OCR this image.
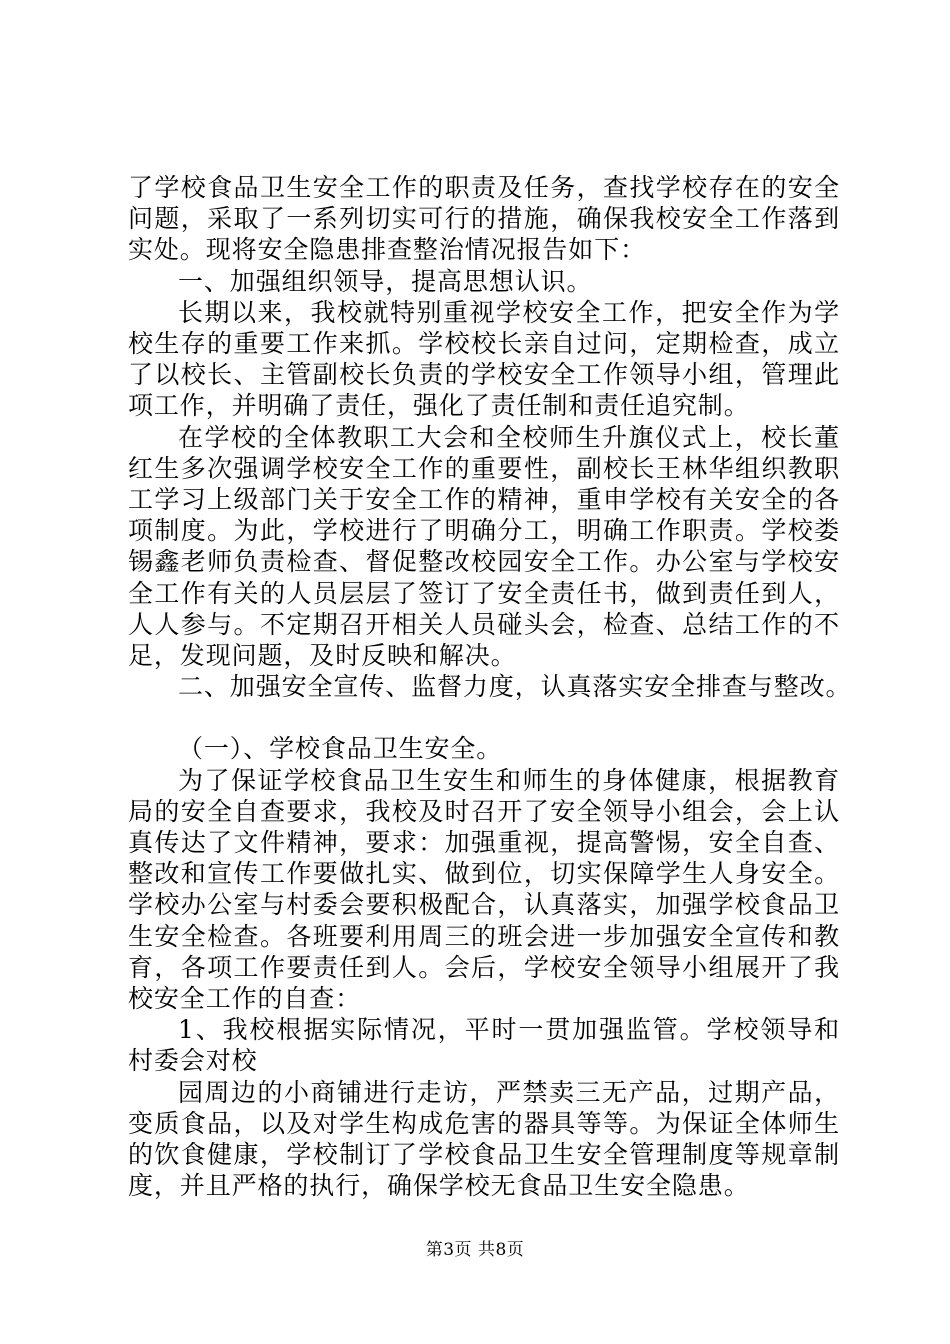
了学校食品卫生安全工作的职责及任务，查找学校存在的安全问题，采取了一系列切实可行的措施，确保我校安全工作落到实处。现将安全隐患排查整治情况报告如下：

一、加强组织领导，提高思想认识。

长期以来，我校就特别重视学校安全工作，把安全作为学校生存的重要工作来抓。学校校长亲自过问，定期检查，成立了以校长、主管副校长负责的学校安全工作领导小组，管理此项工作，并明确了责任，强化了责任制和责任追究制。

在学校的全体教职工大会和全校师生升旗仪式上，校长董红生多次强调学校安全工作的重要性，副校长王林华组织教职工学习上级部门关于安全工作的精神，重申学校有关安全的各项制度。为此，学校进行了明确分工，明确工作职责。学校娄锡鑫老师负责检查、督促整改校园安全工作。办公室与学校安全工作有关的人员层层了签订了安全责任书，做到责任到人，人人参与。不定期召开相关人员碰头会，检查、总结工作的不足，发现问题，及时反映和解决。

二、加强安全宣传、监督力度，认真落实安全排查与整改。

（一）、学校食品卫生安全。

为了保证学校食品卫生安生和师生的身体健康，根据教育局的安全自查要求，我校及时召开了安全领导小组会，会上认真传达了文件精神，要求：加强重视，提高警惕，安全自查、整改和宣传工作要做扎实、做到位，切实保障学生人身安全。学校办公室与村委会要积极配合，认真落实，加强学校食品卫生安全检查。各班要利用周三的班会进一步加强安全宣传和教育，各项工作要责任到人。会后，学校安全领导小组展开了我校安全工作的自查：

1、我校根据实际情况，平时一贯加强监管。学校领导和村委会对校

园周边的小商铺进行走访，严禁卖三无产品，过期产品，变质食品，以及对学生构成危害的器具等等。为保证全体师生的饮食健康，学校制订了学校食品卫生安全管理制度等规章制度，并且严格的执行，确保学校无食品卫生安全隐患。

第3页 共8页
